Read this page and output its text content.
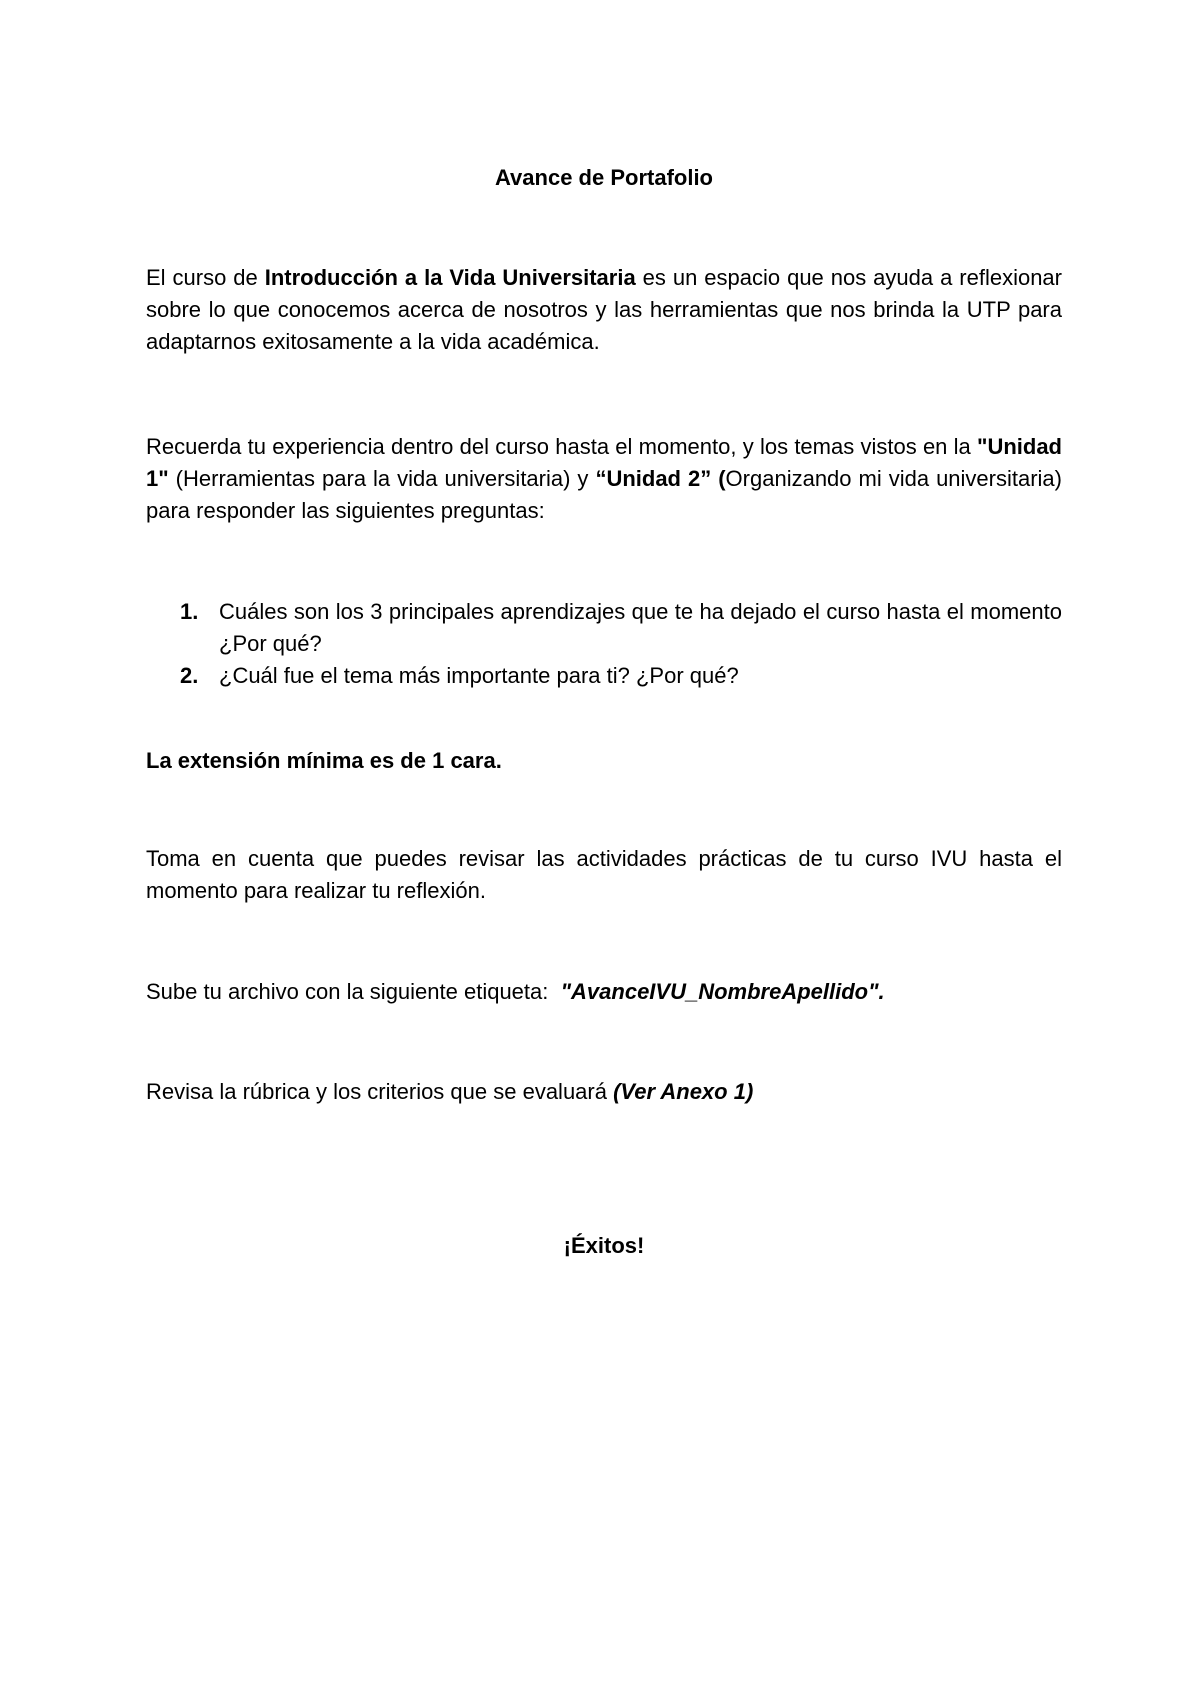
Avance de Portafolio

El curso de Introducción a la Vida Universitaria es un espacio que nos ayuda a reflexionar sobre lo que conocemos acerca de nosotros y las herramientas que nos brinda la UTP para adaptarnos exitosamente a la vida académica.

Recuerda tu experiencia dentro del curso hasta el momento, y los temas vistos en la "Unidad 1" (Herramientas para la vida universitaria) y “Unidad 2” (Organizando mi vida universitaria) para responder las siguientes preguntas:

1. Cuáles son los 3 principales aprendizajes que te ha dejado el curso hasta el momento ¿Por qué?
2. ¿Cuál fue el tema más importante para ti? ¿Por qué?

La extensión mínima es de 1 cara.

Toma en cuenta que puedes revisar las actividades prácticas de tu curso IVU hasta el momento para realizar tu reflexión.

Sube tu archivo con la siguiente etiqueta:  "AvanceIVU_NombreApellido".

Revisa la rúbrica y los criterios que se evaluará (Ver Anexo 1)

¡Éxitos!
